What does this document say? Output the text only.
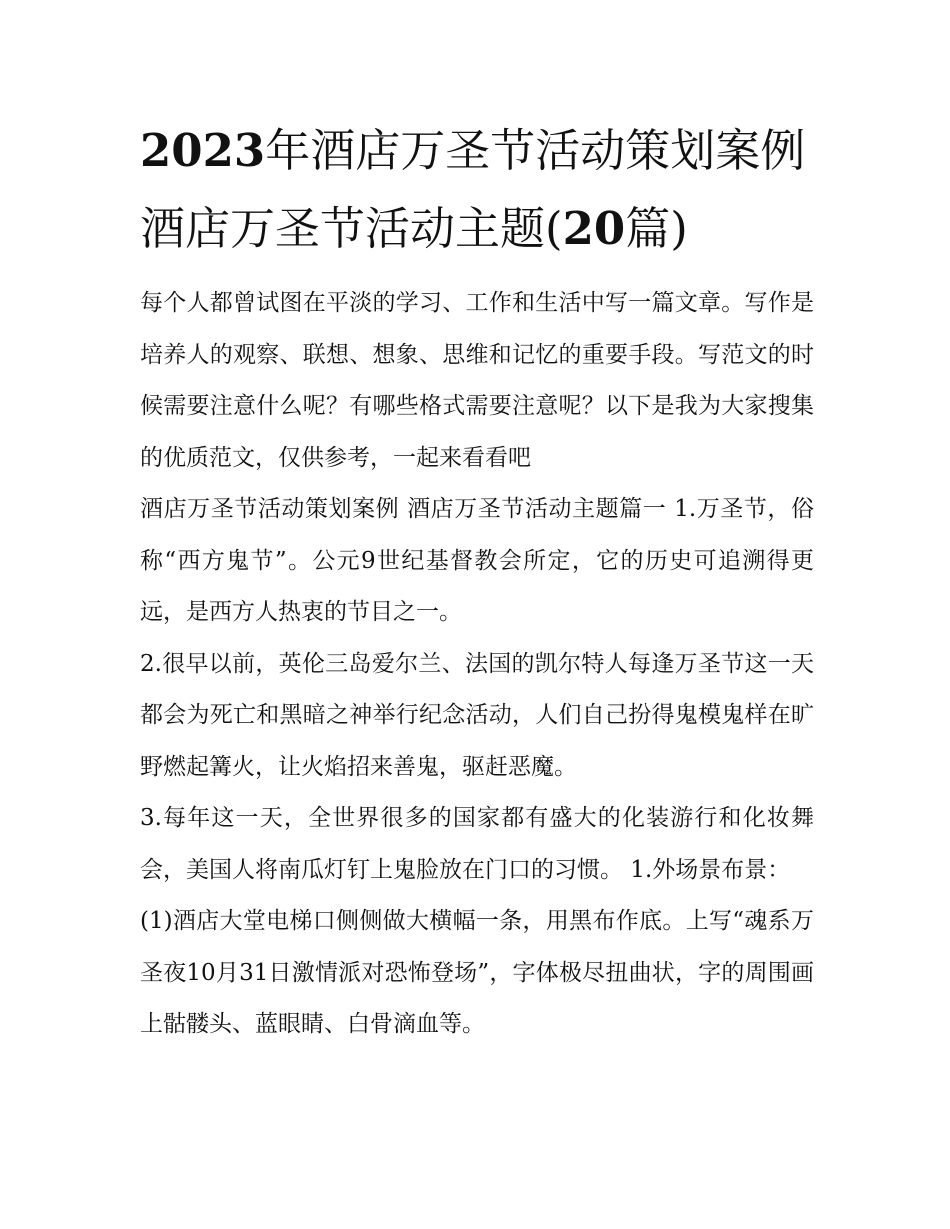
2023年酒店万圣节活动策划案例 酒店万圣节活动主题(20篇)

每个人都曾试图在平淡的学习、工作和生活中写一篇文章。写作是培养人的观察、联想、想象、思维和记忆的重要手段。写范文的时候需要注意什么呢？有哪些格式需要注意呢？以下是我为大家搜集的优质范文，仅供参考，一起来看看吧

酒店万圣节活动策划案例 酒店万圣节活动主题篇一 1.万圣节，俗称“西方鬼节”。公元9世纪基督教会所定，它的历史可追溯得更远，是西方人热衷的节目之一。

2.很早以前，英伦三岛爱尔兰、法国的凯尔特人每逢万圣节这一天都会为死亡和黑暗之神举行纪念活动，人们自己扮得鬼模鬼样在旷野燃起篝火，让火焰招来善鬼，驱赶恶魔。

3.每年这一天，全世界很多的国家都有盛大的化装游行和化妆舞会，美国人将南瓜灯钉上鬼脸放在门口的习惯。 1.外场景布景：

(1)酒店大堂电梯口侧侧做大横幅一条，用黑布作底。上写“魂系万圣夜10月31日激情派对恐怖登场”，字体极尽扭曲状，字的周围画上骷髅头、蓝眼睛、白骨滴血等。
